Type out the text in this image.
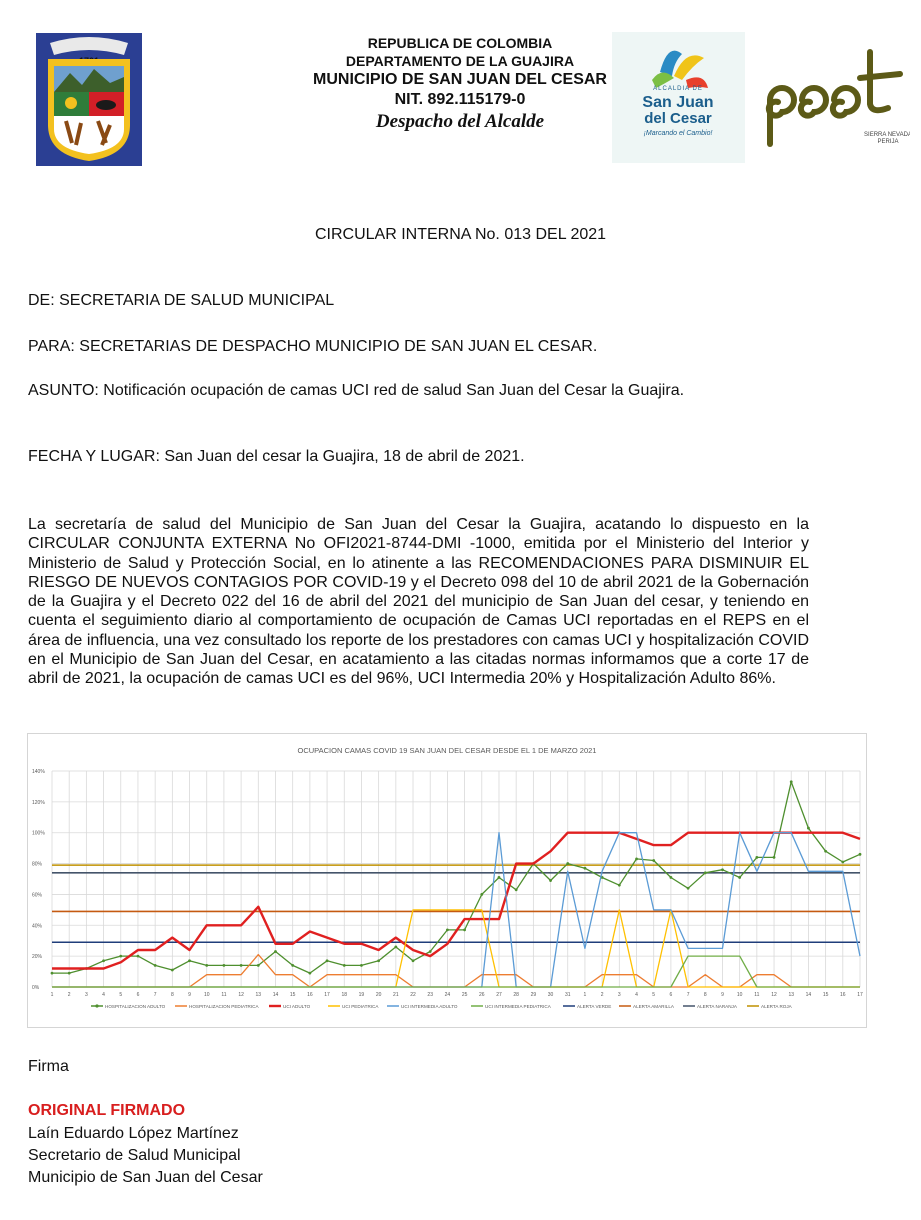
REPUBLICA DE COLOMBIA
DEPARTAMENTO DE LA GUAJIRA
MUNICIPIO DE SAN JUAN DEL CESAR
NIT. 892.115179-0
Despacho del Alcalde
ALCALDIA DE
San Juan
del Cesar
¡Marcando el Cambio!	SIERRA NEVADA
PERIJA
CIRCULAR INTERNA No. 013 DEL 2021
DE: SECRETARIA DE SALUD MUNICIPAL
PARA: SECRETARIAS DE DESPACHO MUNICIPIO DE SAN JUAN EL CESAR.
ASUNTO: Notificación ocupación de camas UCI red de salud San Juan del Cesar la Guajira.
FECHA Y LUGAR: San Juan del cesar la Guajira, 18 de abril de 2021.
La secretaría de salud del Municipio de San Juan del Cesar la Guajira, acatando lo dispuesto en la CIRCULAR CONJUNTA EXTERNA No OFI2021-8744-DMI -1000, emitida por el Ministerio del Interior y Ministerio de Salud y Protección Social, en lo atinente a las RECOMENDACIONES PARA DISMINUIR EL RIESGO DE NUEVOS CONTAGIOS POR COVID-19 y el Decreto 098 del 10 de abril 2021 de la Gobernación de la Guajira y el Decreto 022 del 16 de abril del 2021 del municipio de San Juan del cesar, y teniendo en cuenta el seguimiento diario al comportamiento de ocupación de Camas UCI reportadas en el REPS en el área de influencia, una vez consultado los reporte de los prestadores con camas UCI y hospitalización COVID en el Municipio de San Juan del Cesar, en acatamiento a las citadas normas informamos que a corte 17 de abril de 2021, la ocupación de camas UCI es del 96%, UCI Intermedia 20% y Hospitalización Adulto 86%.
OCUPACION CAMAS COVID 19 SAN JUAN DEL CESAR DESDE EL 1 DE MARZO 2021
0%
20%
40%
60%
80%
100%
120%
140%
1	2	3	4	5	6	7	8	9	10 11 12 13 14 15 16 17 18 19 20 21 22 23 24 25 26 27 28 29 30 31	1	2	3	4	5	6	7	8	9	10 11 12 13 14 15 16 17
HOSPITALIZACION ADULTO	HOSPITALIZACION PEDIATRICA	UCI ADULTO	UCI PEDIATRICA	UCI INTERMEDIA ADULTO	UCI INTERMEDIA PEDIATRICA	ALERTA VERDE	ALERTA AMARILLA	ALERTA NARANJA	ALERTA ROJA
Firma
ORIGINAL FIRMADO
Laín Eduardo López Martínez
Secretario de Salud Municipal
Municipio de San Juan del Cesar
